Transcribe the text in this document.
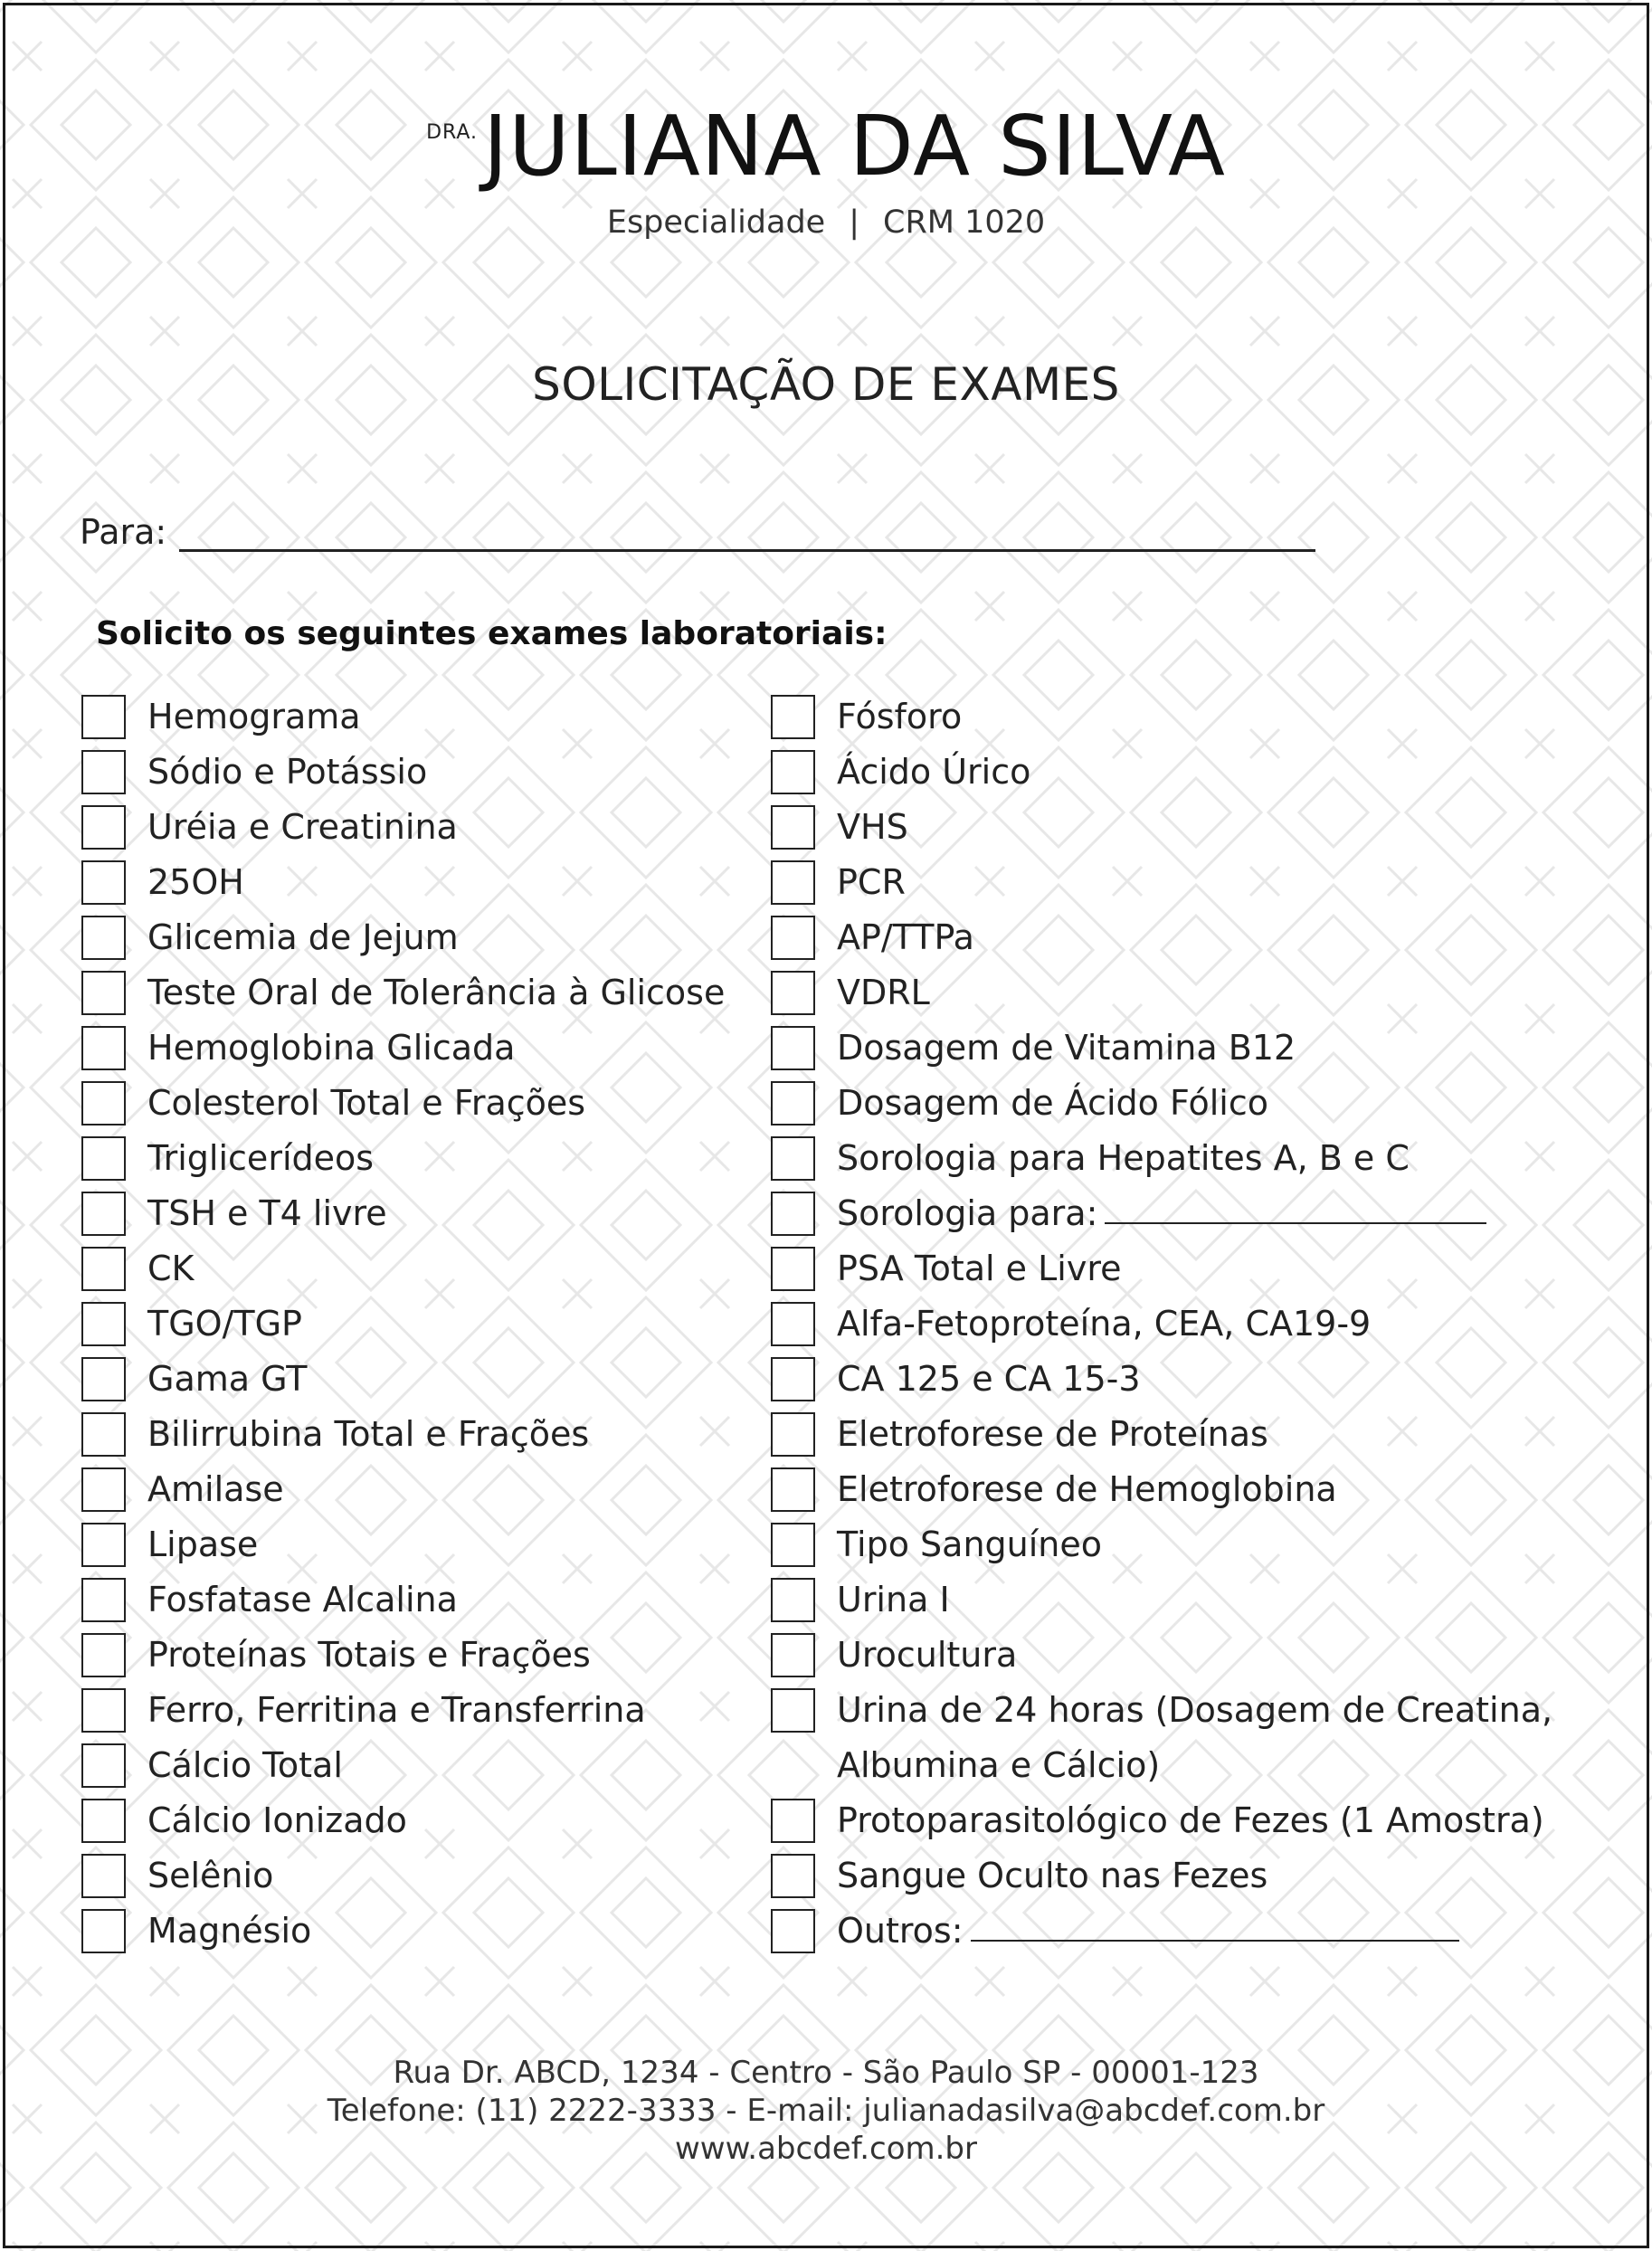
DRA.JULIANA DA SILVA
Especialidade | CRM 1020
SOLICITAÇÃO DE EXAMES
Para:
Solicito os seguintes exames laboratoriais:
Hemograma
Sódio e Potássio
Uréia e Creatinina
25OH
Glicemia de Jejum
Teste Oral de Tolerância à Glicose
Hemoglobina Glicada
Colesterol Total e Frações
Triglicerídeos
TSH e T4 livre
CK
TGO/TGP
Gama GT
Bilirrubina Total e Frações
Amilase
Lipase
Fosfatase Alcalina
Proteínas Totais e Frações
Ferro, Ferritina e Transferrina
Cálcio Total
Cálcio Ionizado
Selênio
Magnésio
Fósforo
Ácido Úrico
VHS
PCR
AP/TTPa
VDRL
Dosagem de Vitamina B12
Dosagem de Ácido Fólico
Sorologia para Hepatites A, B e C
Sorologia para:
PSA Total e Livre
Alfa-Fetoproteína, CEA, CA19-9
CA 125 e CA 15-3
Eletroforese de Proteínas
Eletroforese de Hemoglobina
Tipo Sanguíneo
Urina I
Urocultura
Urina de 24 horas (Dosagem de Creatina,
Albumina e Cálcio)
Protoparasitológico de Fezes (1 Amostra)
Sangue Oculto nas Fezes
Outros:
Rua Dr. ABCD, 1234 - Centro - São Paulo SP - 00001-123
Telefone: (11) 2222-3333 - E-mail: julianadasilva@abcdef.com.br
www.abcdef.com.br
